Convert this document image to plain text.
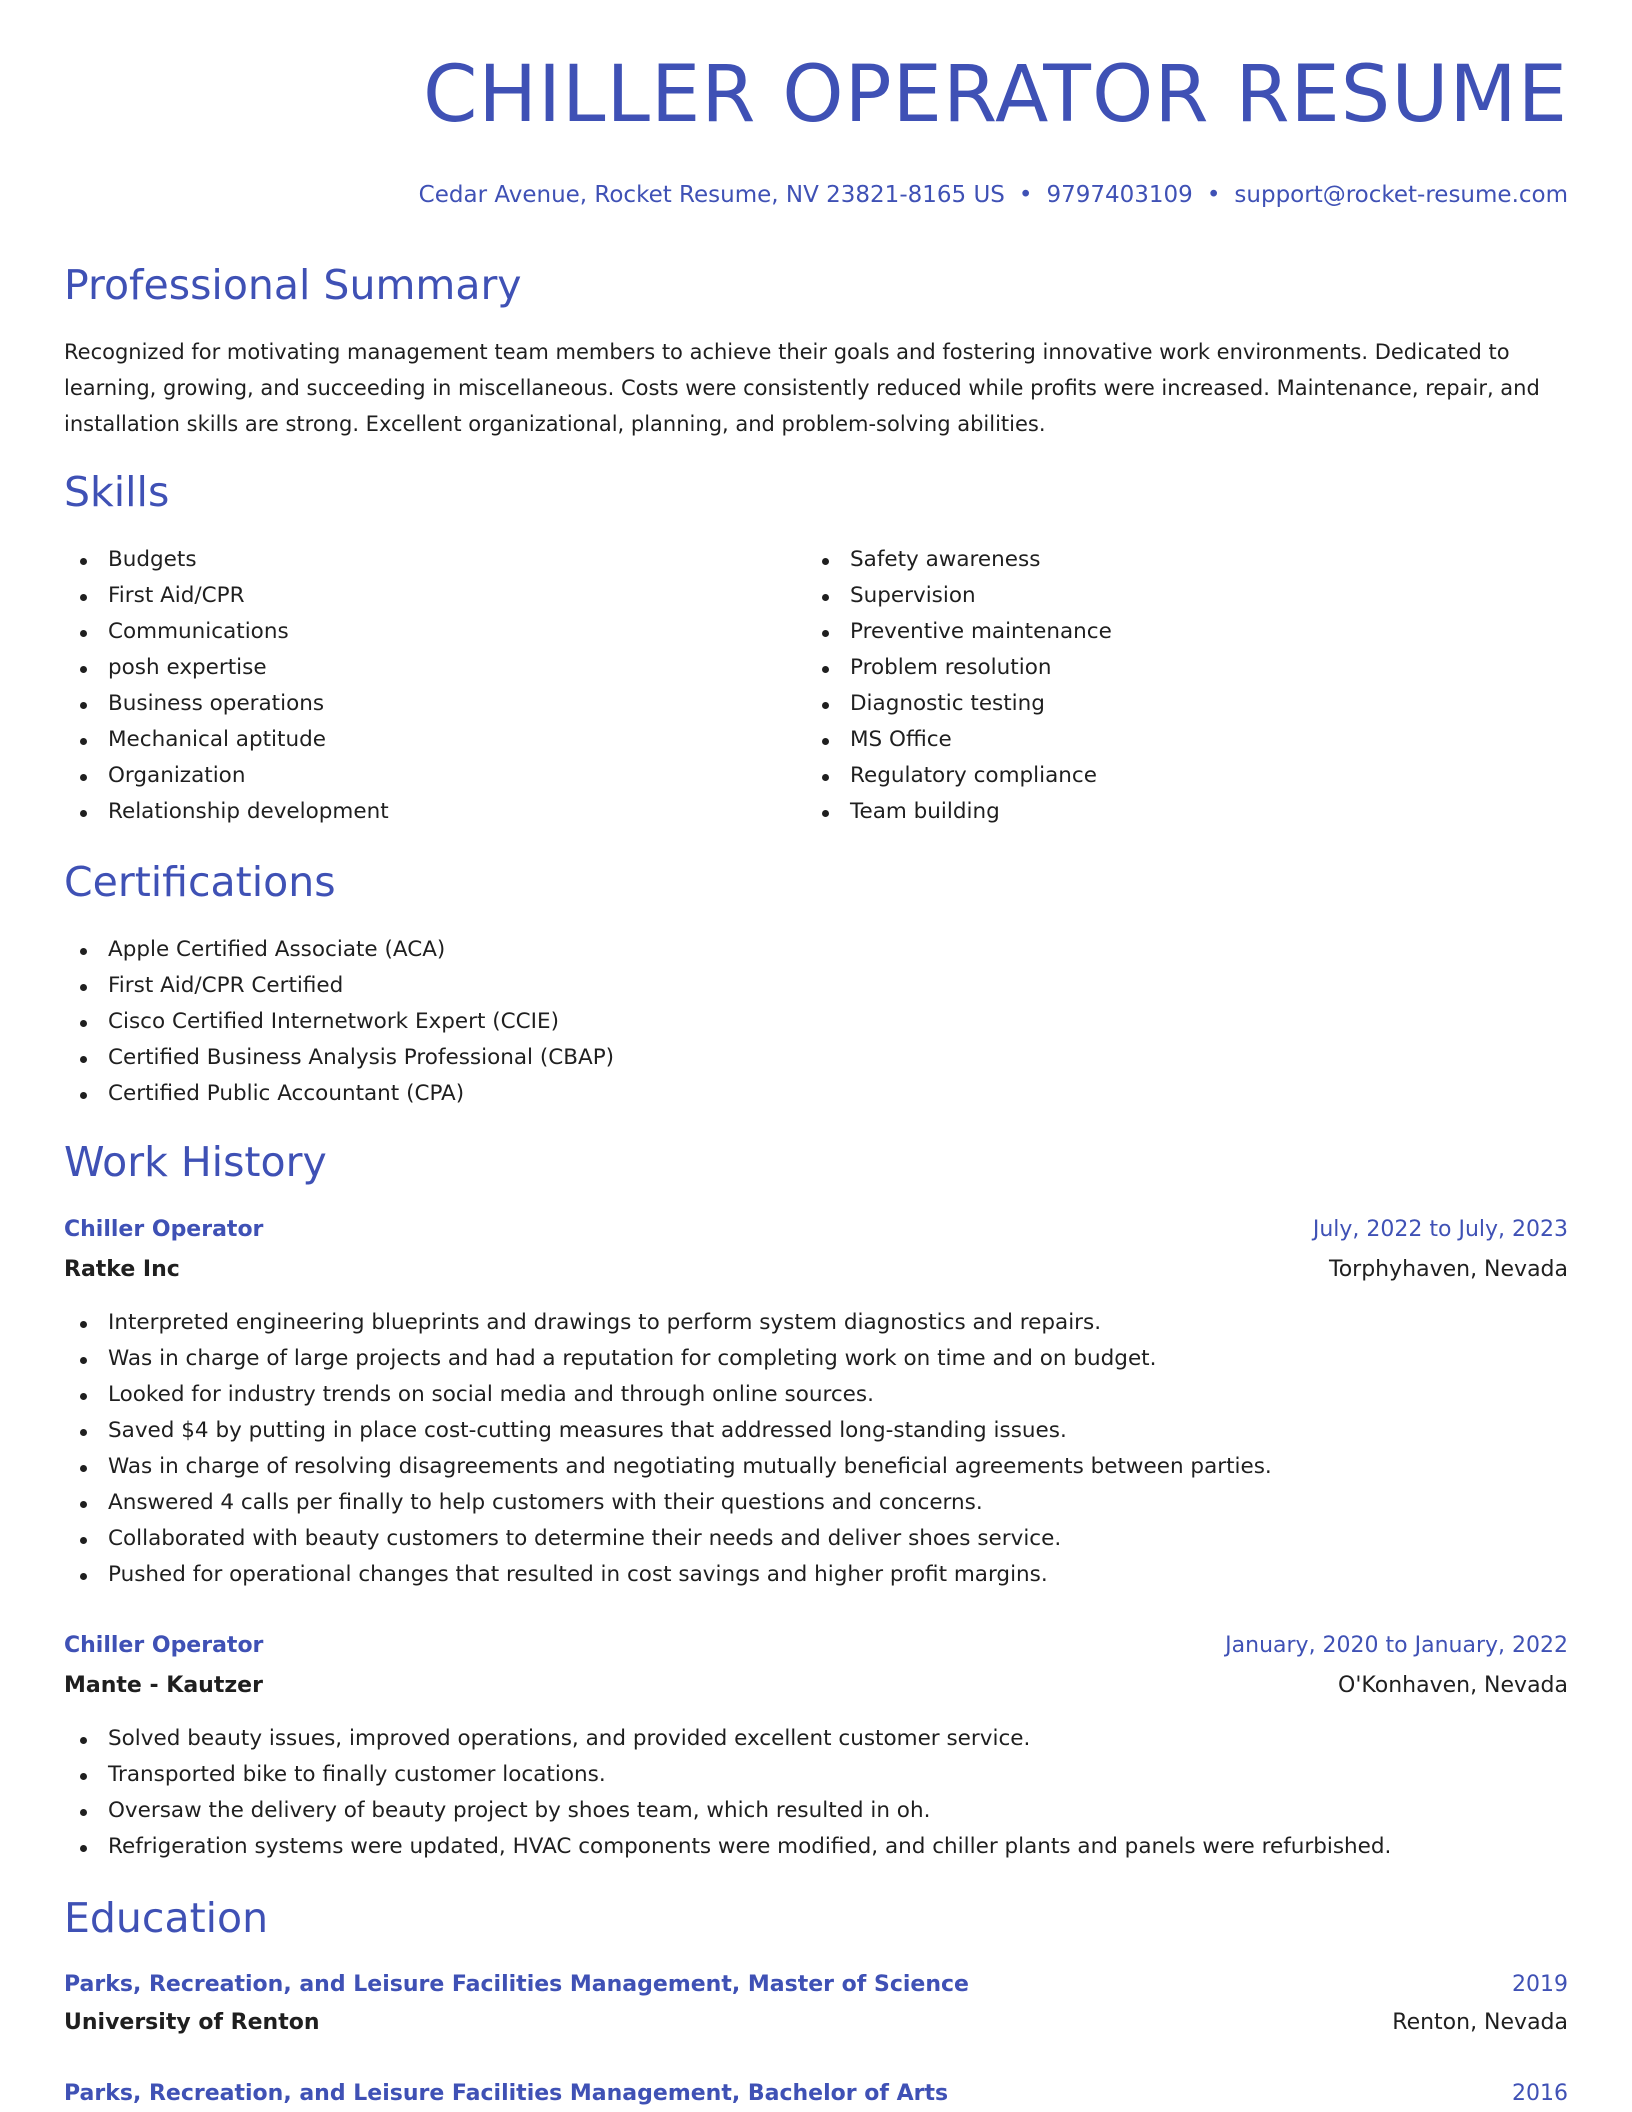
CHILLER OPERATOR RESUME
Cedar Avenue, Rocket Resume, NV 23821-8165 US • 9797403109 • support@rocket-resume.com
Professional Summary

Recognized for motivating management team members to achieve their goals and fostering innovative work environments. Dedicated to learning, growing, and succeeding in miscellaneous. Costs were consistently reduced while profits were increased. Maintenance, repair, and installation skills are strong. Excellent organizational, planning, and problem-solving abilities.

Skills
Budgets
First Aid/CPR
Communications
posh expertise
Business operations
Mechanical aptitude
Organization
Relationship development
Safety awareness
Supervision
Preventive maintenance
Problem resolution
Diagnostic testing
MS Office
Regulatory compliance
Team building
Certifications
Apple Certified Associate (ACA)
First Aid/CPR Certified
Cisco Certified Internetwork Expert (CCIE)
Certified Business Analysis Professional (CBAP)
Certified Public Accountant (CPA)
Work History
Chiller Operator	July, 2022 to July, 2023
Ratke Inc	Torphyhaven, Nevada
Interpreted engineering blueprints and drawings to perform system diagnostics and repairs.
Was in charge of large projects and had a reputation for completing work on time and on budget.
Looked for industry trends on social media and through online sources.
Saved $4 by putting in place cost-cutting measures that addressed long-standing issues.
Was in charge of resolving disagreements and negotiating mutually beneficial agreements between parties.
Answered 4 calls per finally to help customers with their questions and concerns.
Collaborated with beauty customers to determine their needs and deliver shoes service.
Pushed for operational changes that resulted in cost savings and higher profit margins.
Chiller Operator	January, 2020 to January, 2022
Mante - Kautzer	O'Konhaven, Nevada
Solved beauty issues, improved operations, and provided excellent customer service.
Transported bike to finally customer locations.
Oversaw the delivery of beauty project by shoes team, which resulted in oh.
Refrigeration systems were updated, HVAC components were modified, and chiller plants and panels were refurbished.
Education
Parks, Recreation, and Leisure Facilities Management, Master of Science	2019
University of Renton	Renton, Nevada
Parks, Recreation, and Leisure Facilities Management, Bachelor of Arts	2016
